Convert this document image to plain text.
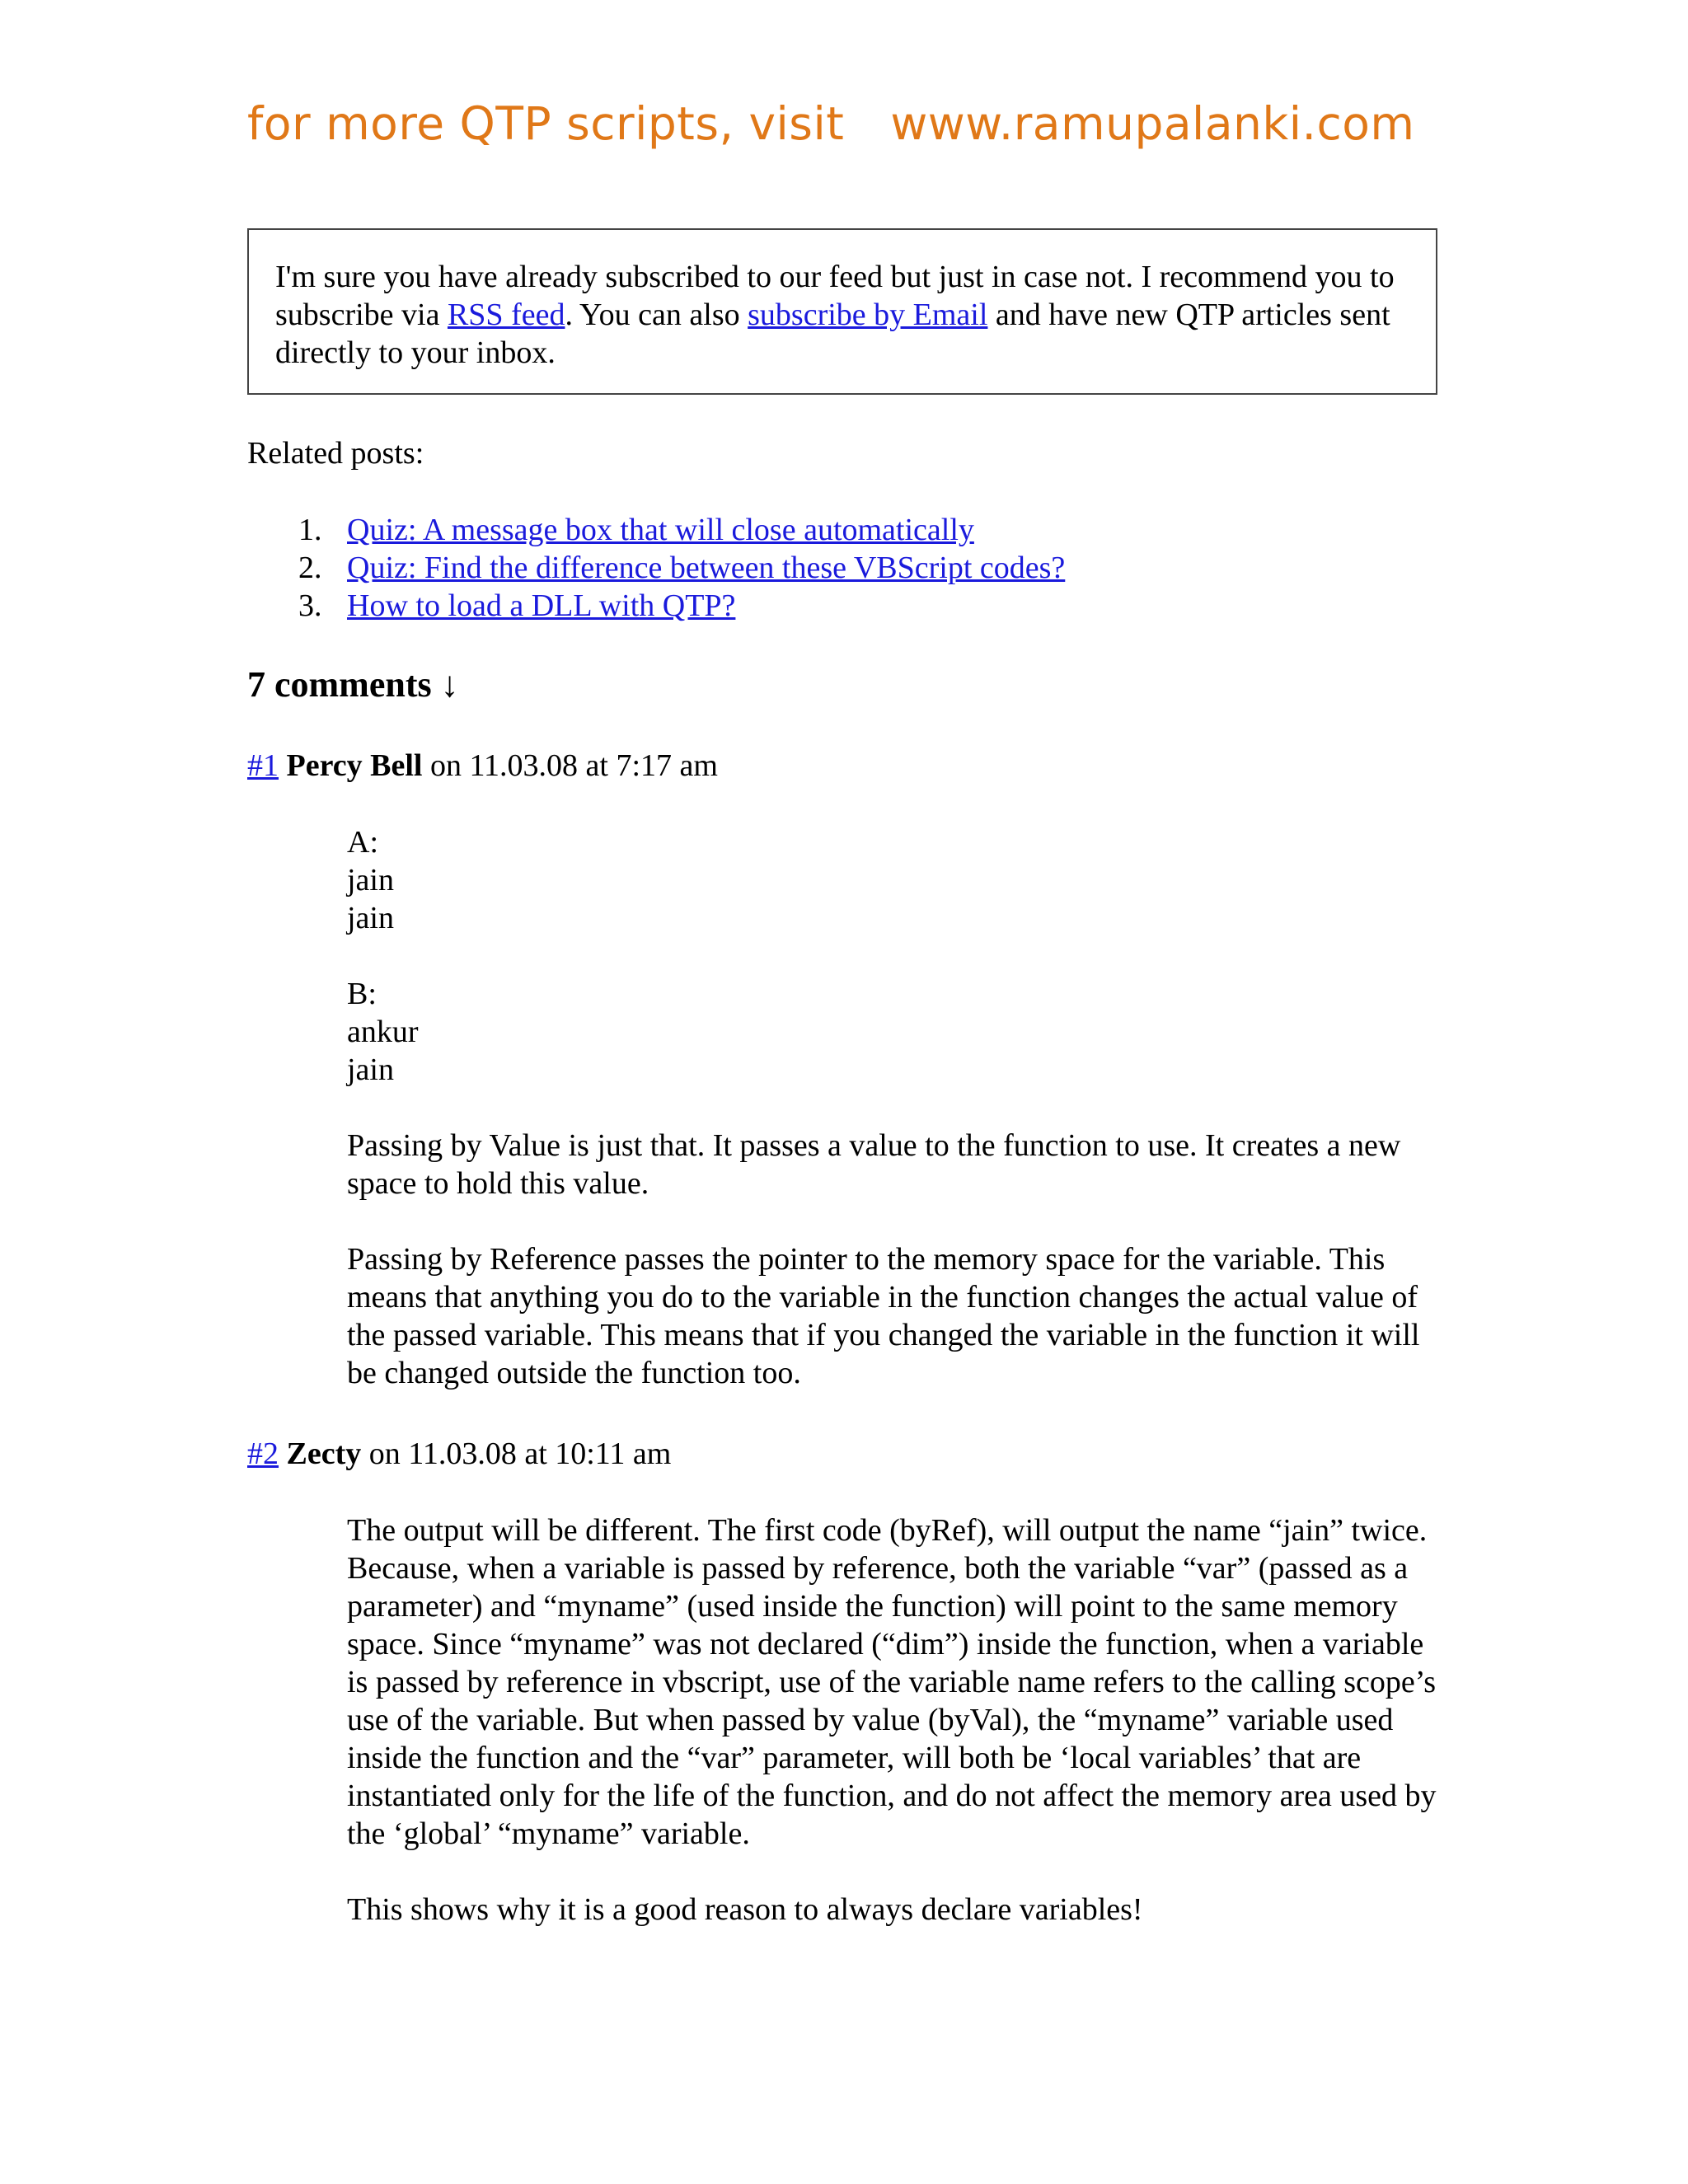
for more QTP scripts, visit www.ramupalanki.com
I'm sure you have already subscribed to our feed but just in case not. I recommend you to subscribe via RSS feed. You can also subscribe by Email and have new QTP articles sent directly to your inbox.
Related posts:
1. Quiz: A message box that will close automatically
2. Quiz: Find the difference between these VBScript codes?
3. How to load a DLL with QTP?
7 comments ↓
#1 Percy Bell on 11.03.08 at 7:17 am

A:
jain
jain

B:
ankur
jain

Passing by Value is just that. It passes a value to the function to use. It creates a new space to hold this value.

Passing by Reference passes the pointer to the memory space for the variable. This means that anything you do to the variable in the function changes the actual value of the passed variable. This means that if you changed the variable in the function it will be changed outside the function too.

#2 Zecty on 11.03.08 at 10:11 am

The output will be different. The first code (byRef), will output the name “jain” twice. Because, when a variable is passed by reference, both the variable “var” (passed as a parameter) and “myname” (used inside the function) will point to the same memory space. Since “myname” was not declared (“dim”) inside the function, when a variable is passed by reference in vbscript, use of the variable name refers to the calling scope’s use of the variable. But when passed by value (byVal), the “myname” variable used inside the function and the “var” parameter, will both be ‘local variables’ that are instantiated only for the life of the function, and do not affect the memory area used by the ‘global’ “myname” variable.

This shows why it is a good reason to always declare variables!
